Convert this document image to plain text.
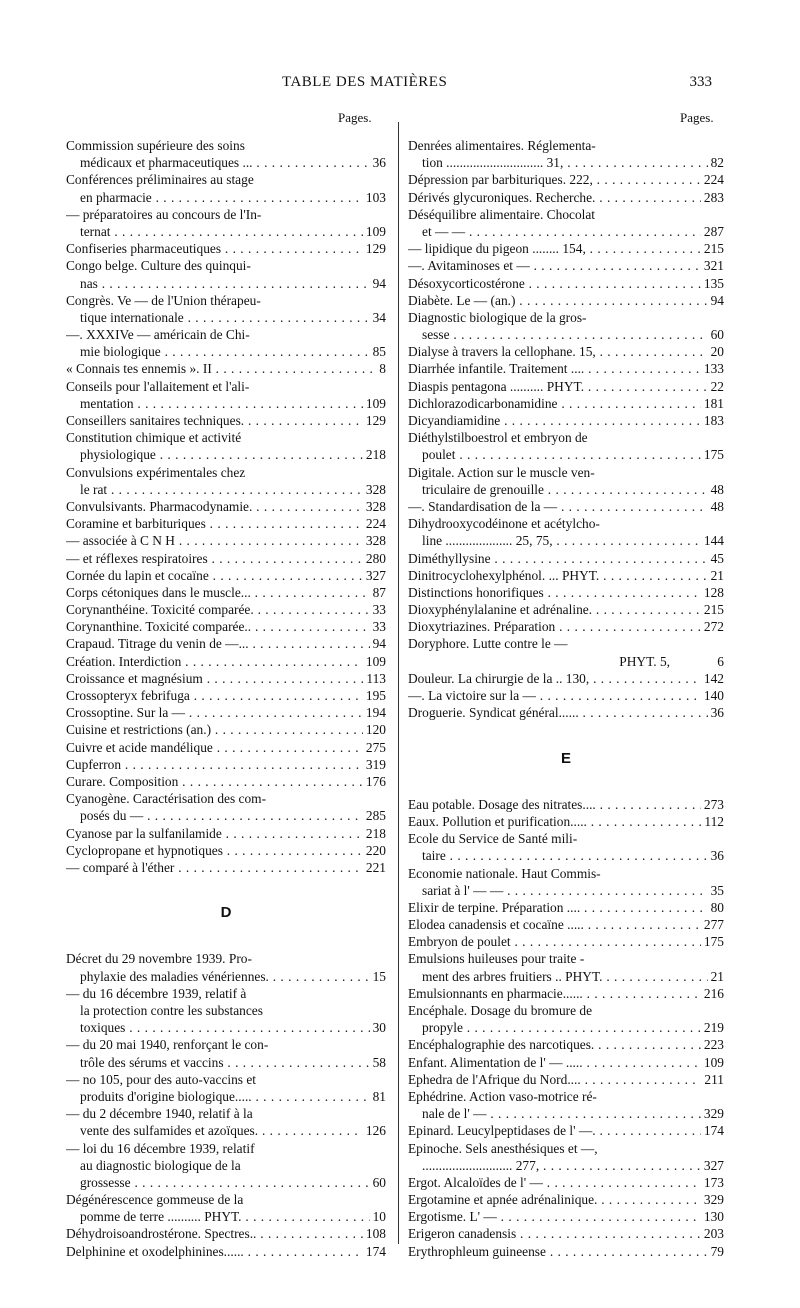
TABLE DES MATIÈRES	333
Pages.	Pages.
Commission supérieure des soins
médicaux et pharmaceutiques ... . . .	36
Conférences préliminaires au stage
en pharmacie . . .	103
— préparatoires au concours de l'In-
ternat . . .	109
Confiseries pharmaceutiques . . .	129
Congo belge. Culture des quinqui-
nas . . .	94
Congrès. Ve — de l'Union thérapeu-
tique internationale . . .	34
—. XXXIVe — américain de Chi-
mie biologique . . .	85
« Connais tes ennemis ». II . . .	8
Conseils pour l'allaitement et l'ali-
mentation . . .	109
Conseillers sanitaires techniques. . . .	129
Constitution chimique et activité
physiologique . . .	218
Convulsions expérimentales chez
le rat . . .	328
Convulsivants. Pharmacodynamie. . . .	328
Coramine et barbituriques . . .	224
— associée à C N H . . .	328
— et réflexes respiratoires . . .	280
Cornée du lapin et cocaïne . . .	327
Corps cétoniques dans le muscle... . . .	87
Corynanthéine. Toxicité comparée. . . .	33
Corynanthine. Toxicité comparée.. . . .	33
Crapaud. Titrage du venin de —... . . .	94
Création. Interdiction . . .	109
Croissance et magnésium . . .	113
Crossopteryx febrifuga . . .	195
Crossoptine. Sur la — . . .	194
Cuisine et restrictions (an.) . . .	120
Cuivre et acide mandélique . . .	275
Cupferron . . .	319
Curare. Composition . . .	176
Cyanogène. Caractérisation des com-
posés du — . . .	285
Cyanose par la sulfanilamide . . .	218
Cyclopropane et hypnotiques . . .	220
— comparé à l'éther . . .	221
D
Décret du 29 novembre 1939. Pro-
phylaxie des maladies vénériennes. . . .	15
— du 16 décembre 1939, relatif à
la protection contre les substances
toxiques . . .	30
— du 20 mai 1940, renforçant le con-
trôle des sérums et vaccins . . .	58
— no 105, pour des auto-vaccins et
produits d'origine biologique..... . . .	81
— du 2 décembre 1940, relatif à la
vente des sulfamides et azoïques. . . .	126
— loi du 16 décembre 1939, relatif
au diagnostic biologique de la
grossesse . . .	60
Dégénérescence gommeuse de la
pomme de terre .......... PHYT. . . .	10
Déhydroisoandrostérone. Spectres.. . . .	108
Delphinine et oxodelphinines...... . . .	174
Denrées alimentaires. Réglementa-
tion ............................. 31, . . .	82
Dépression par barbituriques. 222, . . .	224
Dérivés glycuroniques. Recherche. . . .	283
Déséquilibre alimentaire. Chocolat
et — — . . .	287
— lipidique du pigeon ........ 154, . . .	215
—. Avitaminoses et — . . .	321
Désoxycorticostérone . . .	135
Diabète. Le — (an.) . . .	94
Diagnostic biologique de la gros-
sesse . . .	60
Dialyse à travers la cellophane. 15, . . .	20
Diarrhée infantile. Traitement .... . . .	133
Diaspis pentagona .......... PHYT. . . .	22
Dichlorazodicarbonamidine . . .	181
Dicyandiamidine . . .	183
Diéthylstilboestrol et embryon de
poulet . . .	175
Digitale. Action sur le muscle ven-
triculaire de grenouille . . .	48
—. Standardisation de la — . . .	48
Dihydrooxycodéinone et acétylcho-
line .................... 25, 75, . . .	144
Diméthyllysine . . .	45
Dinitrocyclohexylphénol. ... PHYT. . . .	21
Distinctions honorifiques . . .	128
Dioxyphénylalanine et adrénaline. . . .	215
Dioxytriazines. Préparation . . .	272
Doryphore. Lutte contre le —
PHYT. 5,	6
Douleur. La chirurgie de la .. 130, . . .	142
—. La victoire sur la — . . .	140
Droguerie. Syndicat général...... . . .	36
E
Eau potable. Dosage des nitrates.... . . .	273
Eaux. Pollution et purification..... . . .	112
Ecole du Service de Santé mili-
taire . . .	36
Economie nationale. Haut Commis-
sariat à l' — — . . .	35
Elixir de terpine. Préparation .... . . .	80
Elodea canadensis et cocaïne ..... . . .	277
Embryon de poulet . . .	175
Emulsions huileuses pour traite -
ment des arbres fruitiers .. PHYT. . . .	21
Emulsionnants en pharmacie...... . . .	216
Encéphale. Dosage du bromure de
propyle . . .	219
Encéphalographie des narcotiques. . . .	223
Enfant. Alimentation de l' — ..... . . .	109
Ephedra de l'Afrique du Nord.... . . .	211
Ephédrine. Action vaso-motrice ré-
nale de l' — . . .	329
Epinard. Leucylpeptidases de l' —. . . .	174
Epinoche. Sels anesthésiques et —,
........................... 277, . . .	327
Ergot. Alcaloïdes de l' — . . .	173
Ergotamine et apnée adrénalinique. . . .	329
Ergotisme. L' — . . .	130
Erigeron canadensis . . .	203
Erythrophleum guineense . . .	79
